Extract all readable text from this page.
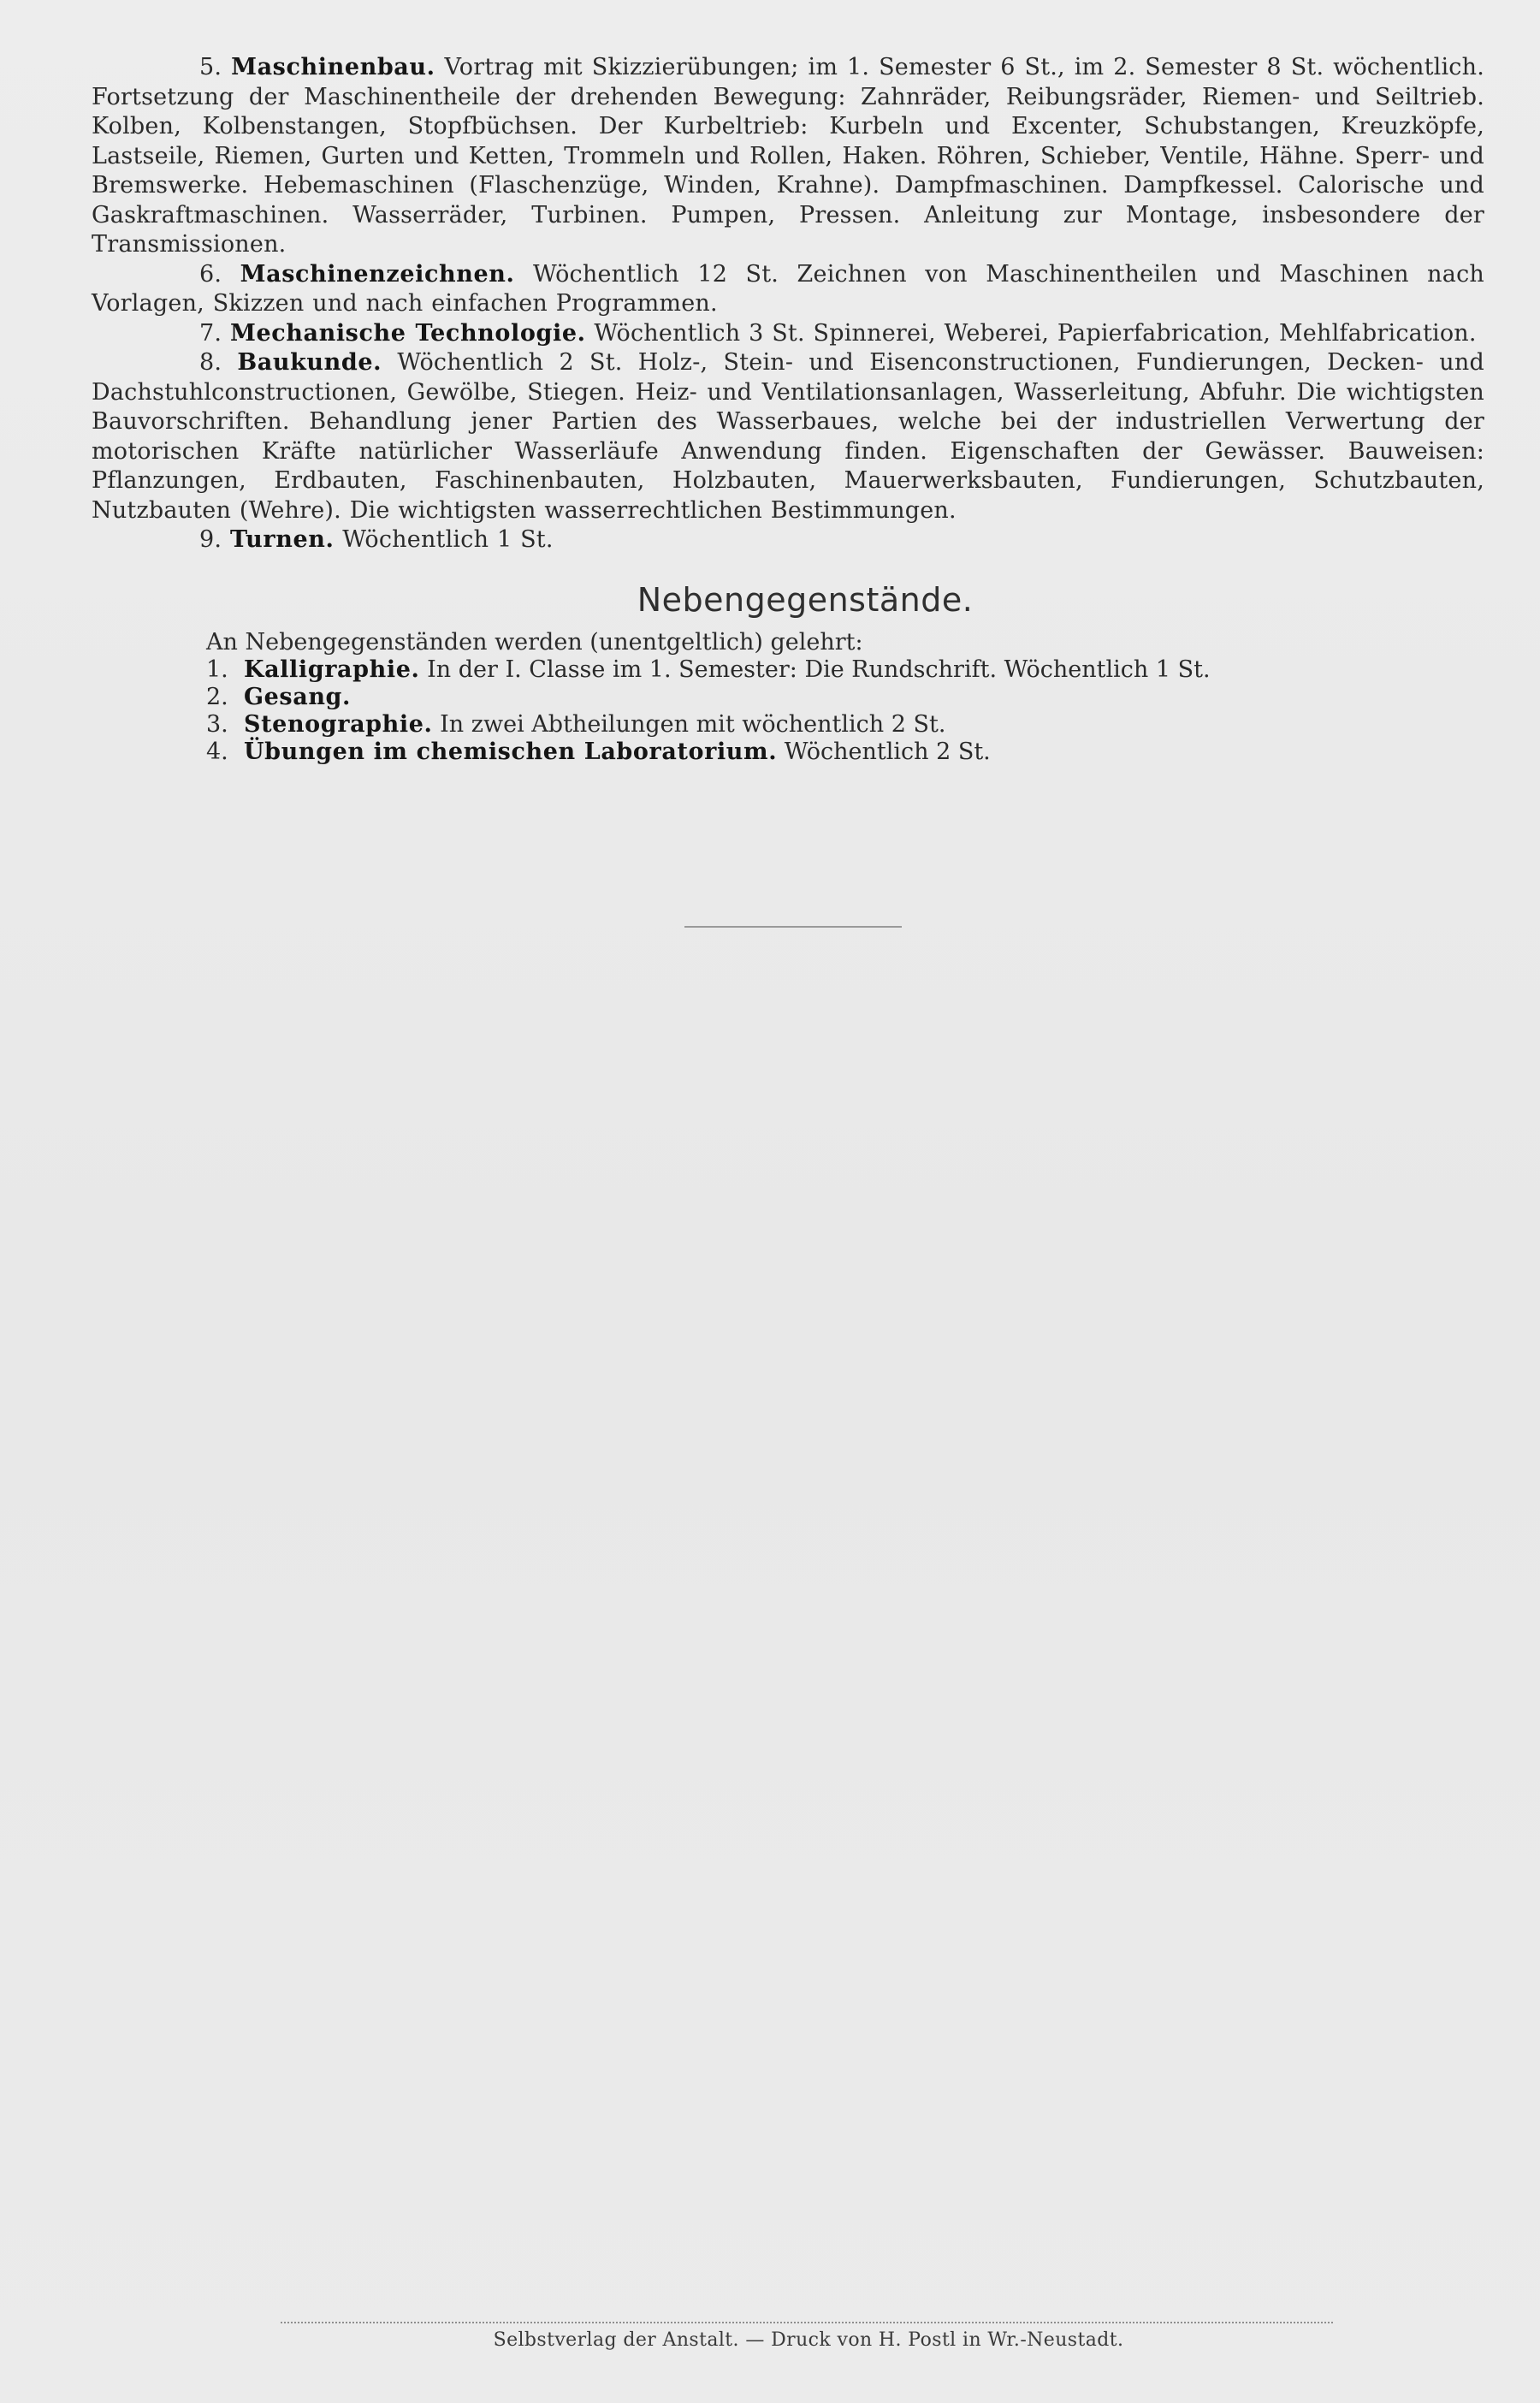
5. Maschinenbau. Vortrag mit Skizzierübungen; im 1. Semester 6 St., im 2. Semester 8 St. wöchentlich. Fortsetzung der Maschinentheile der drehenden Bewegung: Zahnräder, Reibungsräder, Riemen- und Seiltrieb. Kolben, Kolbenstangen, Stopfbüchsen. Der Kurbeltrieb: Kurbeln und Excenter, Schubstangen, Kreuzköpfe, Lastseile, Riemen, Gurten und Ketten, Trommeln und Rollen, Haken. Röhren, Schieber, Ventile, Hähne. Sperr- und Bremswerke. Hebemaschinen (Flaschenzüge, Winden, Krahne). Dampfmaschinen. Dampfkessel. Calorische und Gaskraftmaschinen. Wasserräder, Turbinen. Pumpen, Pressen. Anleitung zur Montage, insbesondere der Transmissionen.

6. Maschinenzeichnen. Wöchentlich 12 St. Zeichnen von Maschinentheilen und Maschinen nach Vorlagen, Skizzen und nach einfachen Programmen.

7. Mechanische Technologie. Wöchentlich 3 St. Spinnerei, Weberei, Papierfabrication, Mehlfabrication.

8. Baukunde. Wöchentlich 2 St. Holz-, Stein- und Eisenconstructionen, Fundierungen, Decken- und Dachstuhlconstructionen, Gewölbe, Stiegen. Heiz- und Ventilationsanlagen, Wasserleitung, Abfuhr. Die wichtigsten Bauvorschriften. Behandlung jener Partien des Wasserbaues, welche bei der industriellen Verwertung der motorischen Kräfte natürlicher Wasserläufe Anwendung finden. Eigenschaften der Gewässer. Bauweisen: Pflanzungen, Erdbauten, Faschinenbauten, Holzbauten, Mauerwerksbauten, Fundierungen, Schutzbauten, Nutzbauten (Wehre). Die wichtigsten wasserrechtlichen Bestimmungen.

9. Turnen. Wöchentlich 1 St.

Nebengegenstände.

An Nebengegenständen werden (unentgeltlich) gelehrt:

1. Kalligraphie. In der I. Classe im 1. Semester: Die Rundschrift. Wöchentlich 1 St.
2. Gesang.
3. Stenographie. In zwei Abtheilungen mit wöchentlich 2 St.
4. Übungen im chemischen Laboratorium. Wöchentlich 2 St.
Selbstverlag der Anstalt. — Druck von H. Postl in Wr.-Neustadt.
